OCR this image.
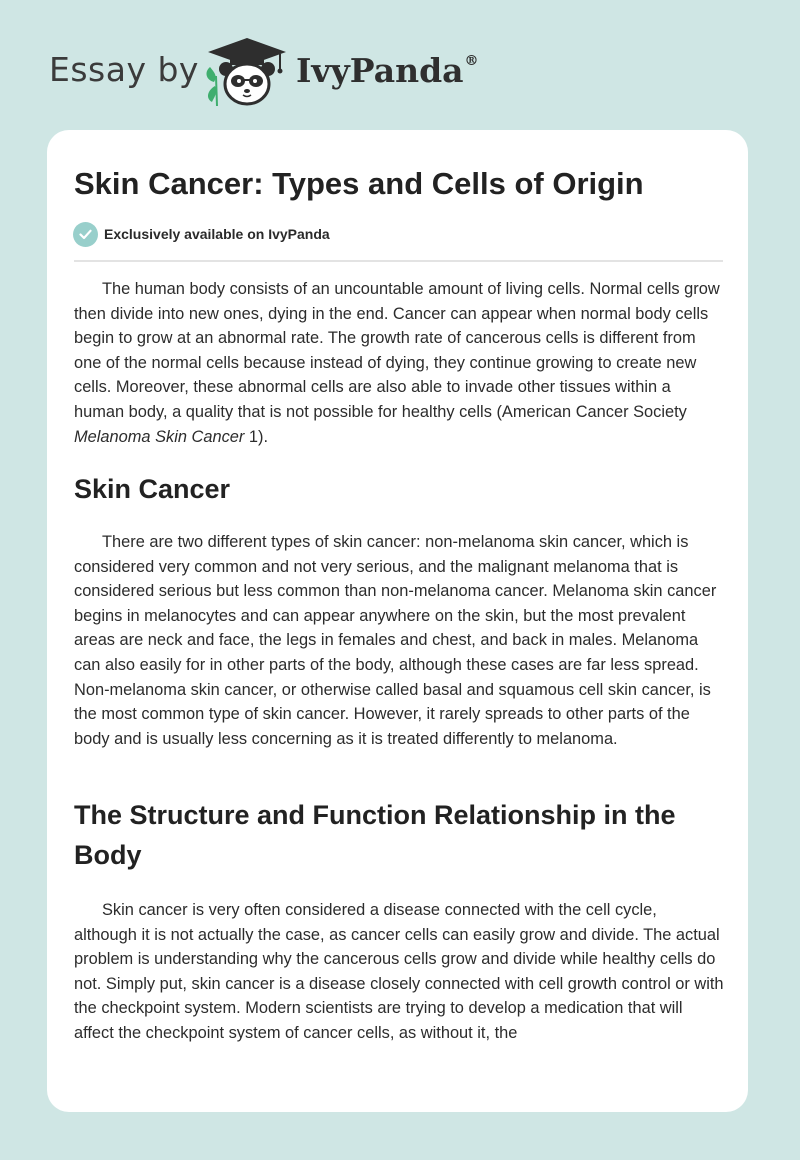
Essay by	IvyPanda®
Skin Cancer: Types and Cells of Origin
Exclusively available on IvyPanda

The human body consists of an uncountable amount of living cells. Normal cells grow then divide into new ones, dying in the end. Cancer can appear when normal body cells begin to grow at an abnormal rate. The growth rate of cancerous cells is different from one of the normal cells because instead of dying, they continue growing to create new cells. Moreover, these abnormal cells are also able to invade other tissues within a human body, a quality that is not possible for healthy cells (American Cancer Society Melanoma Skin Cancer 1).

Skin Cancer

There are two different types of skin cancer: non-melanoma skin cancer, which is considered very common and not very serious, and the malignant melanoma that is considered serious but less common than non-melanoma cancer. Melanoma skin cancer begins in melanocytes and can appear anywhere on the skin, but the most prevalent areas are neck and face, the legs in females and chest, and back in males. Melanoma can also easily for in other parts of the body, although these cases are far less spread. Non-melanoma skin cancer, or otherwise called basal and squamous cell skin cancer, is the most common type of skin cancer. However, it rarely spreads to other parts of the body and is usually less concerning as it is treated differently to melanoma.

The Structure and Function Relationship in the Body

Skin cancer is very often considered a disease connected with the cell cycle, although it is not actually the case, as cancer cells can easily grow and divide. The actual problem is understanding why the cancerous cells grow and divide while healthy cells do not. Simply put, skin cancer is a disease closely connected with cell growth control or with the checkpoint system. Modern scientists are trying to develop a medication that will affect the checkpoint system of cancer cells, as without it, the
